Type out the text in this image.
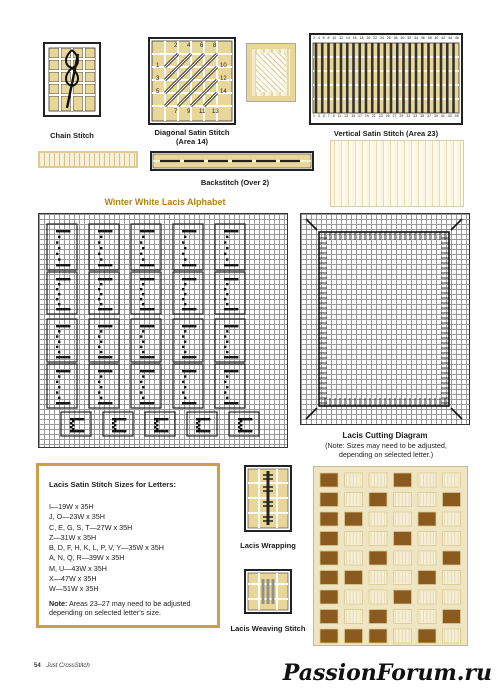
Chain Stitch
2 4 6 8
1
3
5
10
12
14
7 9 11 13
Diagonal Satin Stitch
(Area 14)
2 4 6 8 10 12 14 16 18 20 22 24 26 28 30 32 34 36 38 40 42 44 46
1 3 5 7 9 11 13 15 17 19 21 23 25 27 29 31 33 35 37 39 41 43 45
Vertical Satin Stitch (Area 23)
Backstitch (Over 2)
Winter White Lacis Alphabet
Lacis Cutting Diagram
(Note: Sizes may need to be adjusted, depending on selected letter.)
Lacis Satin Stitch Sizes for Letters:
I—19W x 35H
J, O—23W x 35H
C, E, G, S, T—27W x 35H
Z—31W x 35H
B, D, F, H, K, L, P, V, Y—35W x 35H
A, N, Q, R—39W x 35H
M, U—43W x 35H
X—47W x 35H
W—51W x 35H
Note: Areas 23–27 may need to be adjusted depending on selected letter's size.
Lacis Wrapping
Lacis Weaving Stitch
54 Just CrossStitch	PassionForum.ru
